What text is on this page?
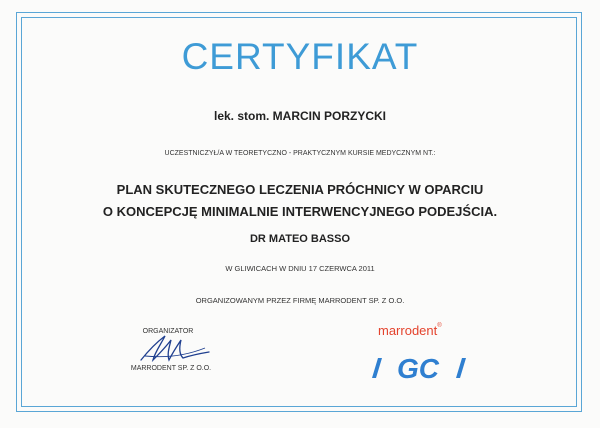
CERTYFIKAT
lek. stom. MARCIN PORZYCKI
UCZESTNICZYŁ/A W TEORETYCZNO - PRAKTYCZNYM KURSIE MEDYCZNYM NT.:
PLAN SKUTECZNEGO LECZENIA PRÓCHNICY W OPARCIU
O KONCEPCJĘ MINIMALNIE INTERWENCYJNEGO PODEJŚCIA.
DR MATEO BASSO
W GLIWICACH W DNIU 17 CZERWCA 2011
ORGANIZOWANYM PRZEZ FIRMĘ MARRODENT SP. Z O.O.
ORGANIZATOR
MARRODENT SP. Z O.O.
marrodent®
GC
